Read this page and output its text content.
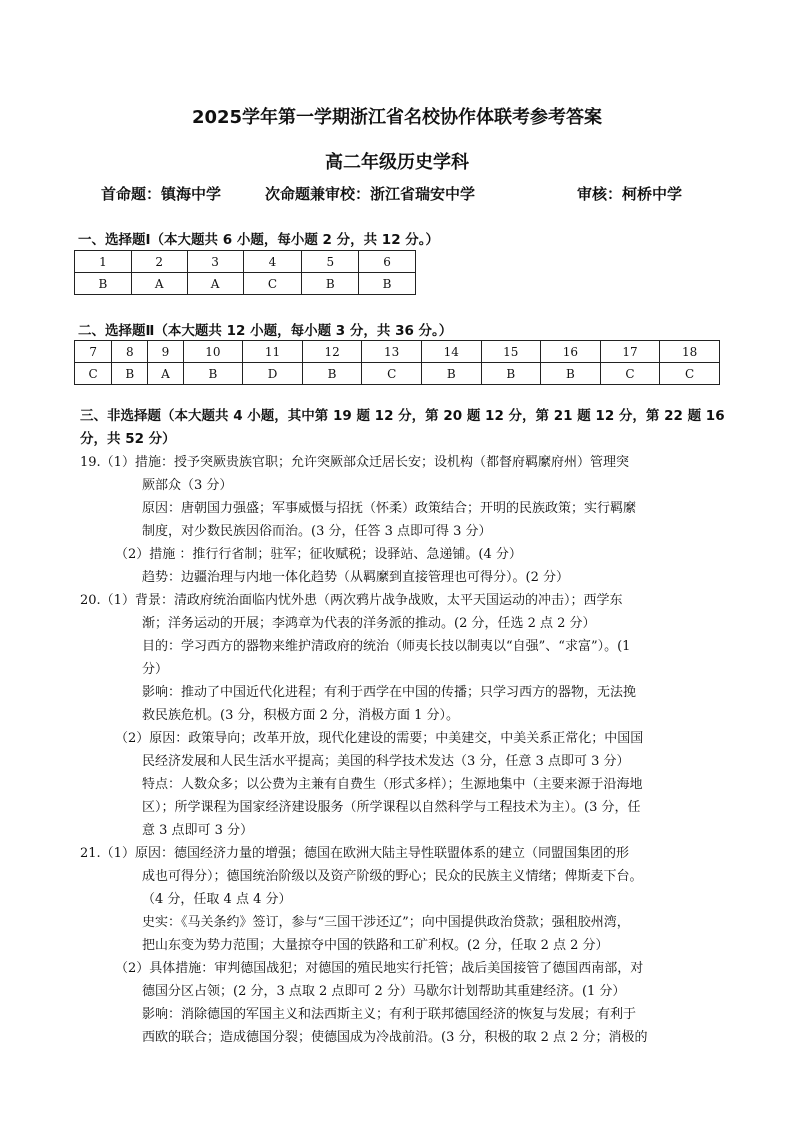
2025学年第一学期浙江省名校协作体联考参考答案
高二年级历史学科
首命题：镇海中学	次命题兼审校：浙江省瑞安中学	审核：柯桥中学
一、选择题Ⅰ（本大题共 6 小题，每小题 2 分，共 12 分。）
1	2	3	4	5	6
B	A	A	C	B	B
二、选择题Ⅱ（本大题共 12 小题，每小题 3 分，共 36 分。）
7	8	9	10	11	12	13	14	15	16	17	18
C	B	A	B	D	B	C	B	B	B	C	C
三、非选择题（本大题共 4 小题，其中第 19 题 12 分，第 20 题 12 分，第 21 题 12 分，第 22 题 16
分，共 52 分）
19.（1）措施：授予突厥贵族官职；允许突厥部众迁居长安；设机构（都督府羁縻府州）管理突
厥部众（3 分）
原因：唐朝国力强盛；军事威慑与招抚（怀柔）政策结合；开明的民族政策；实行羁縻
制度，对少数民族因俗而治。(3 分，任答 3 点即可得 3 分）
（2）措施 ：推行行省制；驻军；征收赋税；设驿站、急递铺。(4 分）
趋势：边疆治理与内地一体化趋势（从羁縻到直接管理也可得分）。(2 分）
20.（1）背景：清政府统治面临内忧外患（两次鸦片战争战败，太平天国运动的冲击）；西学东
渐；洋务运动的开展；李鸿章为代表的洋务派的推动。(2 分，任选 2 点 2 分）
目的：学习西方的器物来维护清政府的统治（师夷长技以制夷以“自强”、“求富”）。(1
分）
影响：推动了中国近代化进程；有利于西学在中国的传播；只学习西方的器物，无法挽
救民族危机。(3 分，积极方面 2 分，消极方面 1 分）。
（2）原因：政策导向；改革开放，现代化建设的需要；中美建交，中美关系正常化；中国国
民经济发展和人民生活水平提高；美国的科学技术发达（3 分，任意 3 点即可 3 分）
特点：人数众多；以公费为主兼有自费生（形式多样）；生源地集中（主要来源于沿海地
区）；所学课程为国家经济建设服务（所学课程以自然科学与工程技术为主）。(3 分，任
意 3 点即可 3 分）
21.（1）原因：德国经济力量的增强；德国在欧洲大陆主导性联盟体系的建立（同盟国集团的形
成也可得分）；德国统治阶级以及资产阶级的野心；民众的民族主义情绪；俾斯麦下台。
（4 分，任取 4 点 4 分）
史实：《马关条约》签订，参与“三国干涉还辽”；向中国提供政治贷款；强租胶州湾，
把山东变为势力范围；大量掠夺中国的铁路和工矿利权。(2 分，任取 2 点 2 分）
（2）具体措施：审判德国战犯；对德国的殖民地实行托管；战后美国接管了德国西南部，对
德国分区占领；(2 分，3 点取 2 点即可 2 分）马歇尔计划帮助其重建经济。(1 分）
影响：消除德国的军国主义和法西斯主义；有利于联邦德国经济的恢复与发展；有利于
西欧的联合；造成德国分裂；使德国成为冷战前沿。(3 分，积极的取 2 点 2 分；消极的
